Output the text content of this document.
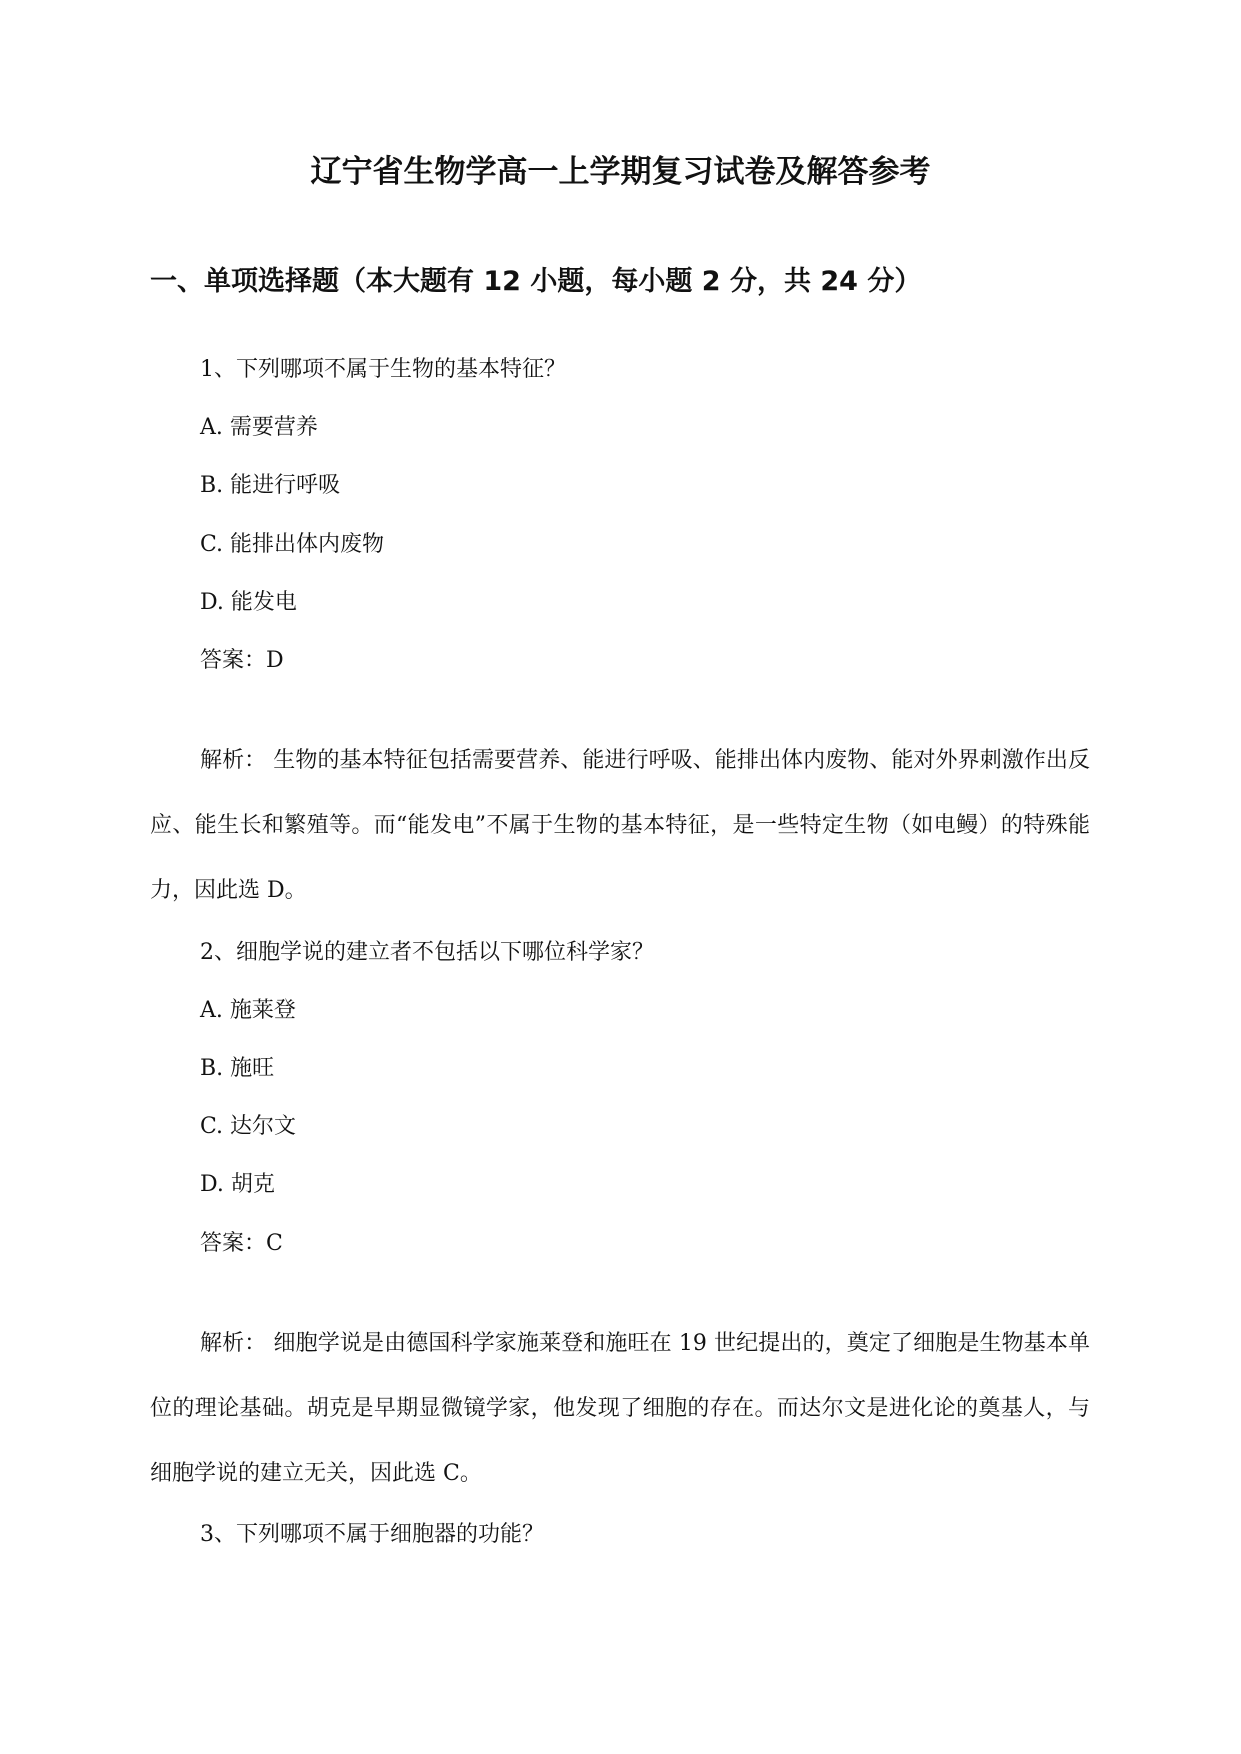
辽宁省生物学高一上学期复习试卷及解答参考
一、单项选择题（本大题有 12 小题，每小题 2 分，共 24 分）
1、下列哪项不属于生物的基本特征？
A. 需要营养
B. 能进行呼吸
C. 能排出体内废物
D. 能发电
答案：D

解析： 生物的基本特征包括需要营养、能进行呼吸、能排出体内废物、能对外界刺激作出反应、能生长和繁殖等。而“能发电”不属于生物的基本特征，是一些特定生物（如电鳗）的特殊能力，因此选 D。

2、细胞学说的建立者不包括以下哪位科学家？
A. 施莱登
B. 施旺
C. 达尔文
D. 胡克
答案：C

解析： 细胞学说是由德国科学家施莱登和施旺在 19 世纪提出的，奠定了细胞是生物基本单位的理论基础。胡克是早期显微镜学家，他发现了细胞的存在。而达尔文是进化论的奠基人，与细胞学说的建立无关，因此选 C。

3、下列哪项不属于细胞器的功能？
